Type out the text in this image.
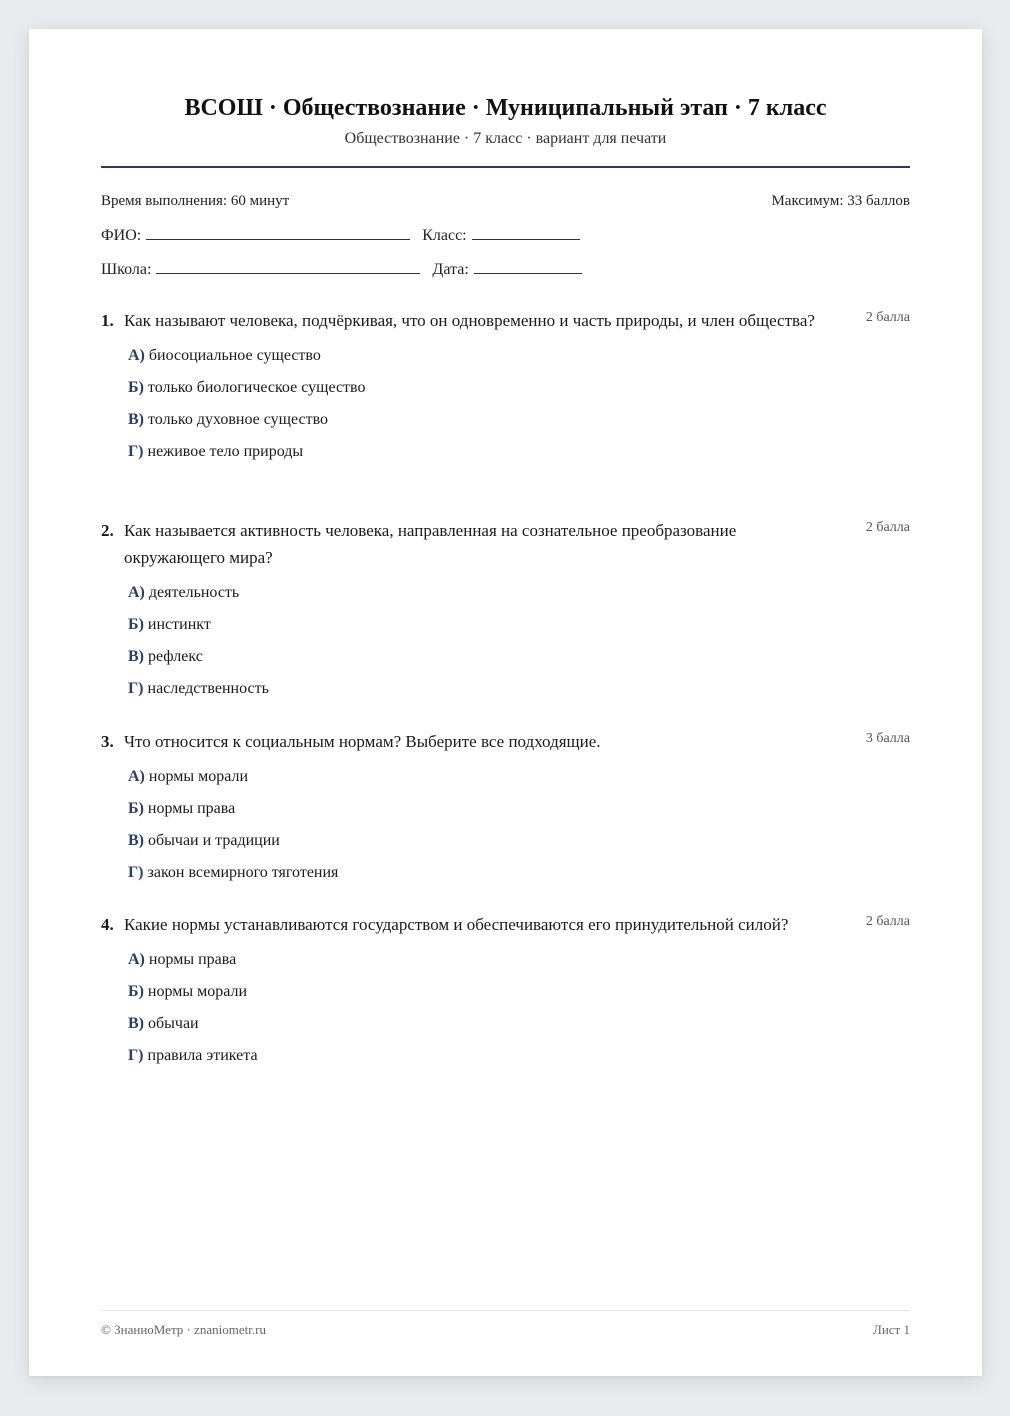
ВСОШ · Обществознание · Муниципальный этап · 7 класс
Обществознание · 7 класс · вариант для печати
Время выполнения: 60 минут	Максимум: 33 баллов
ФИО:	Класс:
Школа:	Дата:
1. Как называют человека, подчёркивая, что он одновременно и часть природы, и член общества?	2 балла
А) биосоциальное существо
Б) только биологическое существо
В) только духовное существо
Г) неживое тело природы
2. Как называется активность человека, направленная на сознательное преобразование окружающего мира?
2 балла
А) деятельность
Б) инстинкт
В) рефлекс
Г) наследственность
3. Что относится к социальным нормам? Выберите все подходящие.	3 балла
А) нормы морали
Б) нормы права
В) обычаи и традиции
Г) закон всемирного тяготения
4. Какие нормы устанавливаются государством и обеспечиваются его принудительной силой?	2 балла
А) нормы права
Б) нормы морали
В) обычаи
Г) правила этикета
© ЗнаниоМетр · znaniometr.ru	Лист 1
